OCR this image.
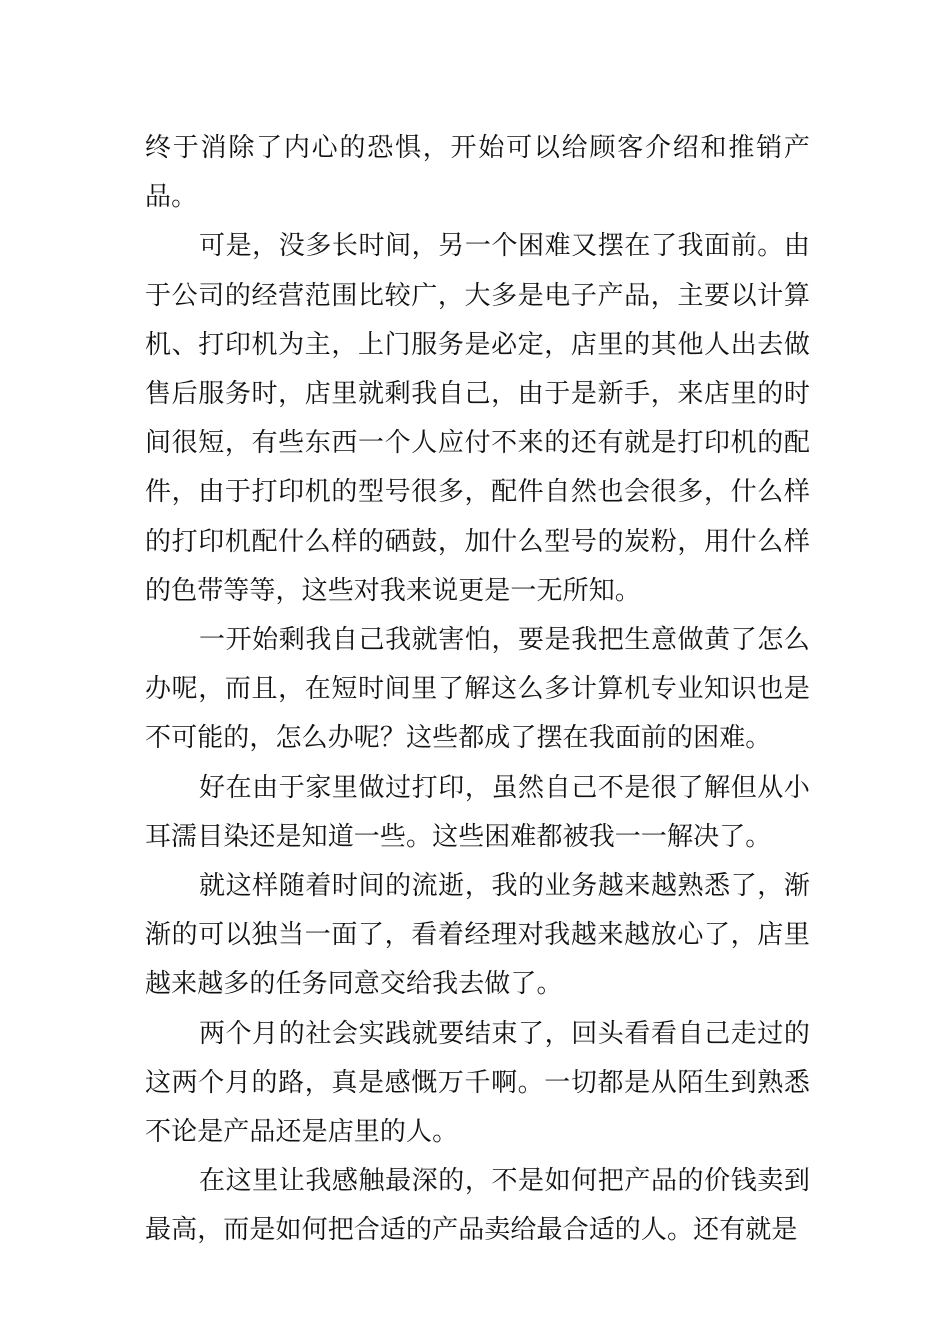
终于消除了内心的恐惧，开始可以给顾客介绍和推销产品。

可是，没多长时间，另一个困难又摆在了我面前。由于公司的经营范围比较广，大多是电子产品，主要以计算机、打印机为主，上门服务是必定，店里的其他人出去做售后服务时，店里就剩我自己，由于是新手，来店里的时间很短，有些东西一个人应付不来的还有就是打印机的配件，由于打印机的型号很多，配件自然也会很多，什么样的打印机配什么样的硒鼓，加什么型号的炭粉，用什么样的色带等等，这些对我来说更是一无所知。

一开始剩我自己我就害怕，要是我把生意做黄了怎么办呢，而且，在短时间里了解这么多计算机专业知识也是不可能的，怎么办呢？这些都成了摆在我面前的困难。

好在由于家里做过打印，虽然自己不是很了解但从小耳濡目染还是知道一些。这些困难都被我一一解决了。

就这样随着时间的流逝，我的业务越来越熟悉了，渐渐的可以独当一面了，看着经理对我越来越放心了，店里越来越多的任务同意交给我去做了。

两个月的社会实践就要结束了，回头看看自己走过的这两个月的路，真是感慨万千啊。一切都是从陌生到熟悉不论是产品还是店里的人。

在这里让我感触最深的，不是如何把产品的价钱卖到最高，而是如何把合适的产品卖给最合适的人。还有就是
